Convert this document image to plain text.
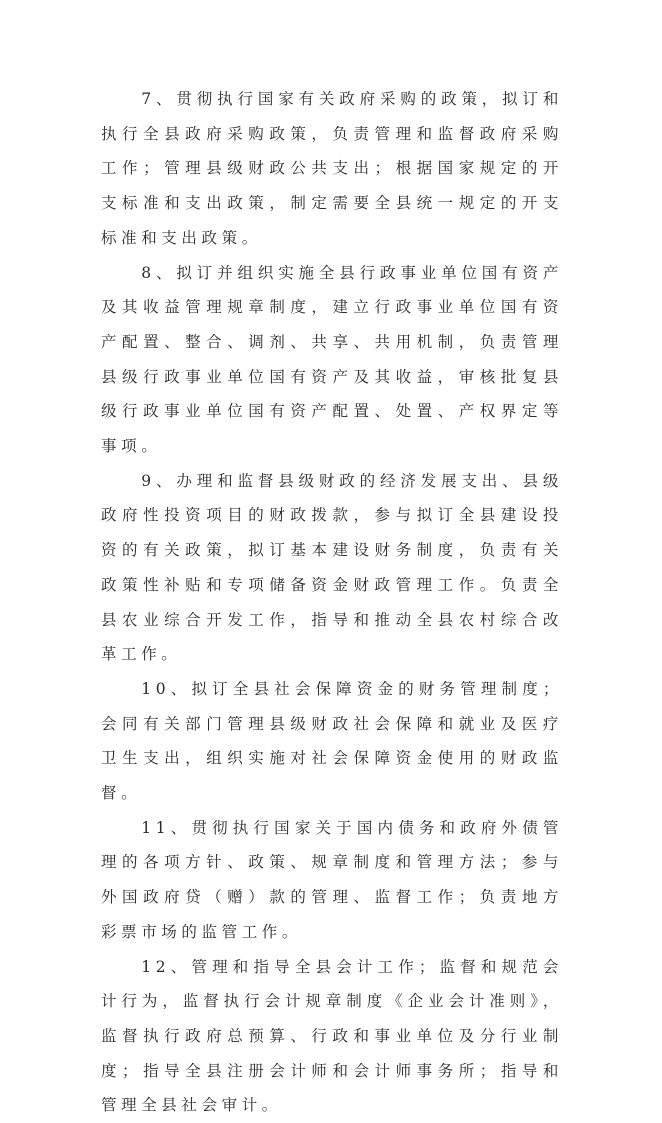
7、贯彻执行国家有关政府采购的政策，拟订和执行全县政府采购政策，负责管理和监督政府采购工作；管理县级财政公共支出；根据国家规定的开支标准和支出政策，制定需要全县统一规定的开支标准和支出政策。

8、拟订并组织实施全县行政事业单位国有资产及其收益管理规章制度，建立行政事业单位国有资产配置、整合、调剂、共享、共用机制，负责管理县级行政事业单位国有资产及其收益，审核批复县级行政事业单位国有资产配置、处置、产权界定等事项。

9、办理和监督县级财政的经济发展支出、县级政府性投资项目的财政拨款，参与拟订全县建设投资的有关政策，拟订基本建设财务制度，负责有关政策性补贴和专项储备资金财政管理工作。负责全县农业综合开发工作，指导和推动全县农村综合改革工作。

10、拟订全县社会保障资金的财务管理制度；会同有关部门管理县级财政社会保障和就业及医疗卫生支出，组织实施对社会保障资金使用的财政监督。

11、贯彻执行国家关于国内债务和政府外债管理的各项方针、政策、规章制度和管理方法；参与外国政府贷（赠）款的管理、监督工作；负责地方彩票市场的监管工作。

12、管理和指导全县会计工作；监督和规范会计行为，监督执行会计规章制度《企业会计准则》，监督执行政府总预算、行政和事业单位及分行业制度；指导全县注册会计师和会计师事务所；指导和管理全县社会审计。
